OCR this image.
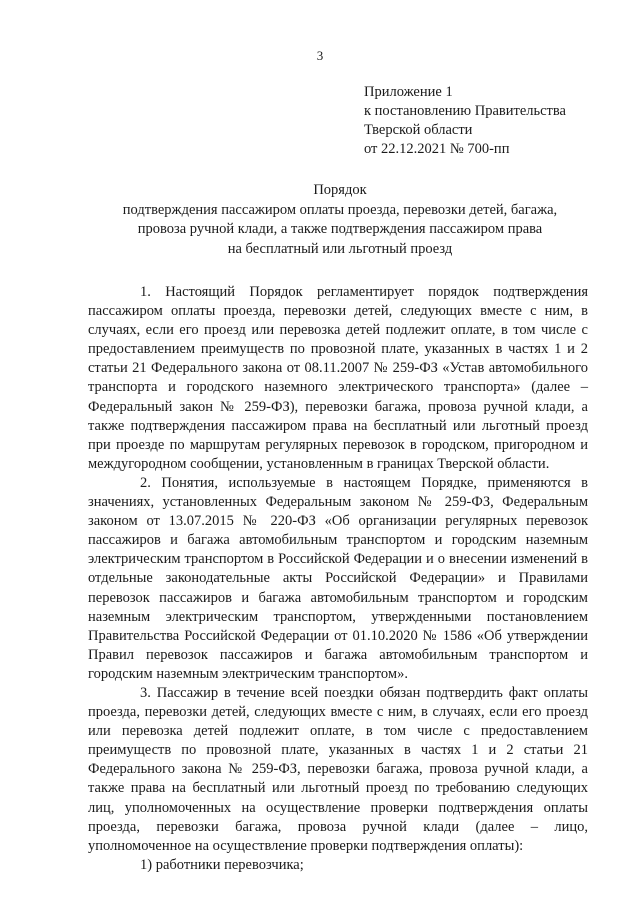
3
Приложение 1
к постановлению Правительства
Тверской области
от 22.12.2021 № 700-пп
Порядок
подтверждения пассажиром оплаты проезда, перевозки детей, багажа,
провоза ручной клади, а также подтверждения пассажиром права
на бесплатный или льготный проезд

1. Настоящий Порядок регламентирует порядок подтверждения пассажиром оплаты проезда, перевозки детей, следующих вместе с ним, в случаях, если его проезд или перевозка детей подлежит оплате, в том числе с предоставлением преимуществ по провозной плате, указанных в частях 1 и 2 статьи 21 Федерального закона от 08.11.2007 № 259-ФЗ «Устав автомобильного транспорта и городского наземного электрического транспорта» (далее – Федеральный закон № 259-ФЗ), перевозки багажа, провоза ручной клади, а также подтверждения пассажиром права на бесплатный или льготный проезд при проезде по маршрутам регулярных перевозок в городском, пригородном и междугородном сообщении, установленным в границах Тверской области.

2. Понятия, используемые в настоящем Порядке, применяются в значениях, установленных Федеральным законом № 259-ФЗ, Федеральным законом от 13.07.2015 № 220-ФЗ «Об организации регулярных перевозок пассажиров и багажа автомобильным транспортом и городским наземным электрическим транспортом в Российской Федерации и о внесении изменений в отдельные законодательные акты Российской Федерации» и Правилами перевозок пассажиров и багажа автомобильным транспортом и городским наземным электрическим транспортом, утвержденными постановлением Правительства Российской Федерации от 01.10.2020 № 1586 «Об утверждении Правил перевозок пассажиров и багажа автомобильным транспортом и городским наземным электрическим транспортом».

3. Пассажир в течение всей поездки обязан подтвердить факт оплаты проезда, перевозки детей, следующих вместе с ним, в случаях, если его проезд или перевозка детей подлежит оплате, в том числе с предоставлением преимуществ по провозной плате, указанных в частях 1 и 2 статьи 21 Федерального закона № 259-ФЗ, перевозки багажа, провоза ручной клади, а также права на бесплатный или льготный проезд по требованию следующих лиц, уполномоченных на осуществление проверки подтверждения оплаты проезда, перевозки багажа, провоза ручной клади (далее – лицо, уполномоченное на осуществление проверки подтверждения оплаты):

1) работники перевозчика;
